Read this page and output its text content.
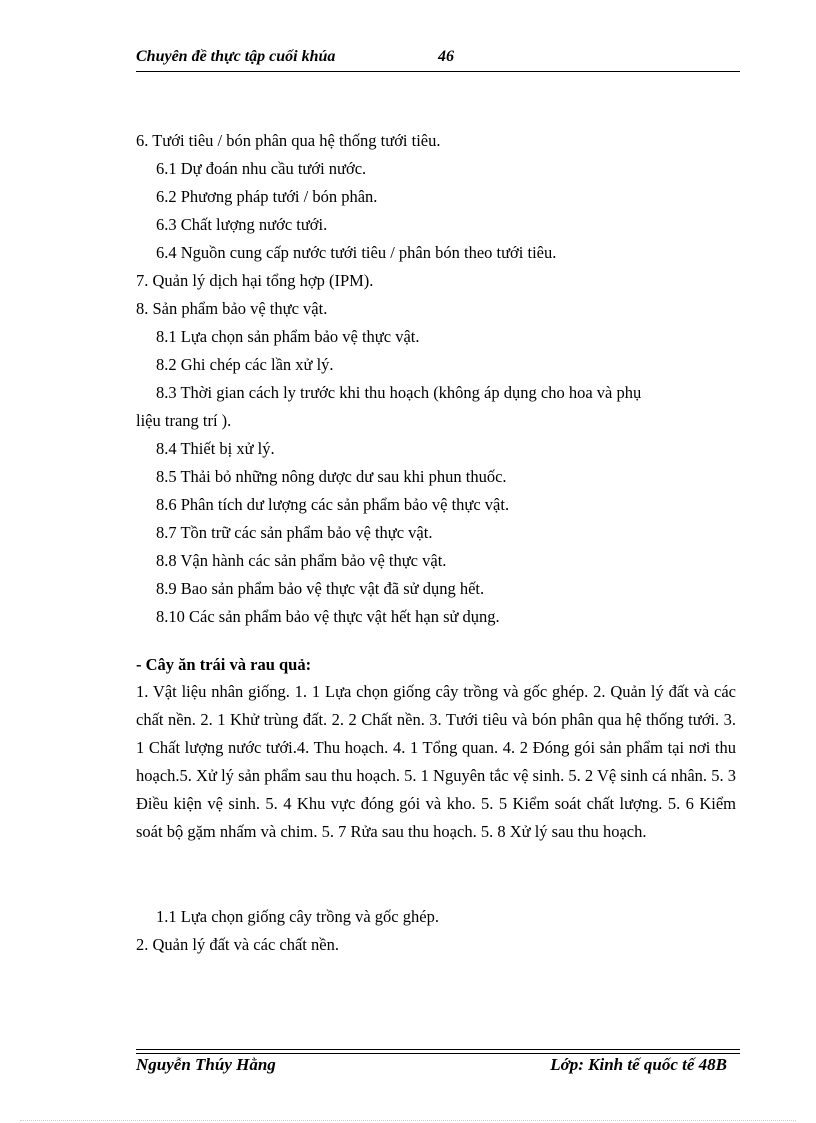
Chuyên đề thực tập cuối khúa	46
6. Tưới tiêu / bón phân qua hệ thống tưới tiêu.
6.1 Dự đoán nhu cầu tưới nước.
6.2 Phương pháp tưới / bón phân.
6.3 Chất lượng nước tưới.
6.4 Nguồn cung cấp nước tưới tiêu / phân bón theo tưới tiêu.
7. Quản lý dịch hại tổng hợp (IPM).
8. Sản phẩm bảo vệ thực vật.
8.1 Lựa chọn sản phẩm bảo vệ thực vật.
8.2 Ghi chép các lần xử lý.
8.3 Thời gian cách ly trước khi thu hoạch (không áp dụng cho hoa và phụ
liệu trang trí ).
8.4 Thiết bị xử lý.
8.5 Thải bỏ những nông dược dư sau khi phun thuốc.
8.6 Phân tích dư lượng các sản phẩm bảo vệ thực vật.
8.7 Tồn trữ các sản phẩm bảo vệ thực vật.
8.8 Vận hành các sản phẩm bảo vệ thực vật.
8.9 Bao sản phẩm bảo vệ thực vật đã sử dụng hết.
8.10 Các sản phẩm bảo vệ thực vật hết hạn sử dụng.
- Cây ăn trái và rau quả:
1. Vật liệu nhân giống. 1. 1 Lựa chọn giống cây trồng và gốc ghép. 2. Quản lý đất và các chất nền. 2. 1 Khử trùng đất. 2. 2 Chất nền. 3. Tưới tiêu và bón phân qua hệ thống tưới. 3. 1 Chất lượng nước tưới.4. Thu hoạch. 4. 1 Tổng quan. 4. 2 Đóng gói sản phẩm tại nơi thu hoạch.5. Xử lý sản phẩm sau thu hoạch. 5. 1 Nguyên tắc vệ sinh. 5. 2 Vệ sinh cá nhân. 5. 3 Điều kiện vệ sinh. 5. 4 Khu vực đóng gói và kho. 5. 5 Kiểm soát chất lượng. 5. 6 Kiểm soát bộ gặm nhấm và chim. 5. 7 Rửa sau thu hoạch. 5. 8 Xử lý sau thu hoạch.
1.1 Lựa chọn giống cây trồng và gốc ghép.
2. Quản lý đất và các chất nền.
Nguyễn Thúy Hằng	Lớp: Kinh tế quốc tế 48B
